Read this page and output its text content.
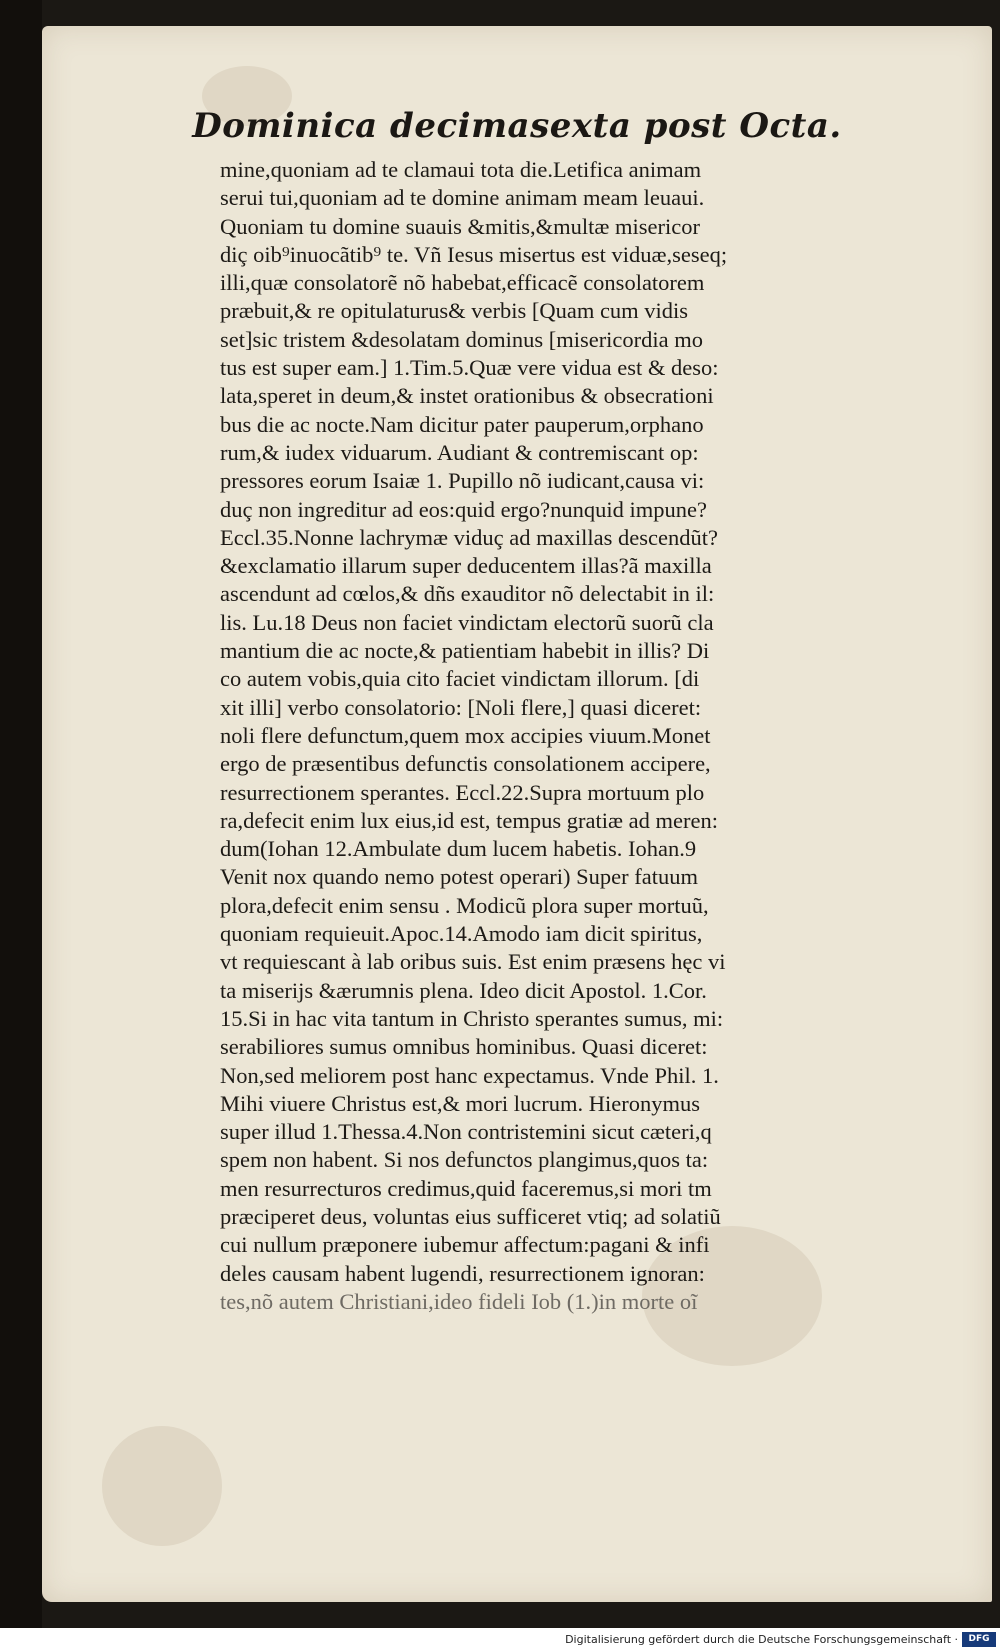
Dominica decimasexta post Octa.
mine,quoniam ad te clamaui tota die.Letifica animam
serui tui,quoniam ad te domine animam meam leuaui.
Quoniam tu domine suauis &mitis,&multæ misericor
diç oib⁹inuocãtib⁹ te. Vñ Iesus misertus est viduæ,seseq;
illi,quæ consolatorẽ nõ habebat,efficacẽ consolatorem
præbuit,& re opitulaturus& verbis [Quam cum vidis
set]sic tristem &desolatam dominus [misericordia mo
tus est super eam.] 1.Tim.5.Quæ vere vidua est & deso:
lata,speret in deum,& instet orationibus & obsecrationi
bus die ac nocte.Nam dicitur pater pauperum,orphano
rum,& iudex viduarum. Audiant & contremiscant op:
pressores eorum Isaiæ 1. Pupillo nõ iudicant,causa vi:
duç non ingreditur ad eos:quid ergo?nunquid impune?
Eccl.35.Nonne lachrymæ viduç ad maxillas descendũt?
&exclamatio illarum super deducentem illas?ã maxilla
ascendunt ad cœlos,& dñs exauditor nõ delectabit in il:
lis. Lu.18 Deus non faciet vindictam electorũ suorũ cla
mantium die ac nocte,& patientiam habebit in illis? Di
co autem vobis,quia cito faciet vindictam illorum. [di
xit illi] verbo consolatorio: [Noli flere,] quasi diceret:
noli flere defunctum,quem mox accipies viuum.Monet
ergo de præsentibus defunctis consolationem accipere,
resurrectionem sperantes. Eccl.22.Supra mortuum plo
ra,defecit enim lux eius,id est, tempus gratiæ ad meren:
dum(Iohan 12.Ambulate dum lucem habetis. Iohan.9
Venit nox quando nemo potest operari) Super fatuum
plora,defecit enim sensu . Modicũ plora super mortuũ,
quoniam requieuit.Apoc.14.Amodo iam dicit spiritus,
vt requiescant à lab oribus suis. Est enim præsens hęc vi
ta miserijs &ærumnis plena. Ideo dicit Apostol. 1.Cor.
15.Si in hac vita tantum in Christo sperantes sumus, mi:
serabiliores sumus omnibus hominibus. Quasi diceret:
Non,sed meliorem post hanc expectamus. Vnde Phil. 1.
Mihi viuere Christus est,& mori lucrum. Hieronymus
super illud 1.Thessa.4.Non contristemini sicut cæteri,q
spem non habent. Si nos defunctos plangimus,quos ta:
men resurrecturos credimus,quid faceremus,si mori tm
præciperet deus, voluntas eius sufficeret vtiq; ad solatiũ
cui nullum præponere iubemur affectum:pagani & infi
deles causam habent lugendi, resurrectionem ignoran:
tes,nõ autem Christiani,ideo fideli Iob (1.)in morte oĩ
Digitalisierung gefördert durch die Deutsche Forschungsgemeinschaft ·	DFG
